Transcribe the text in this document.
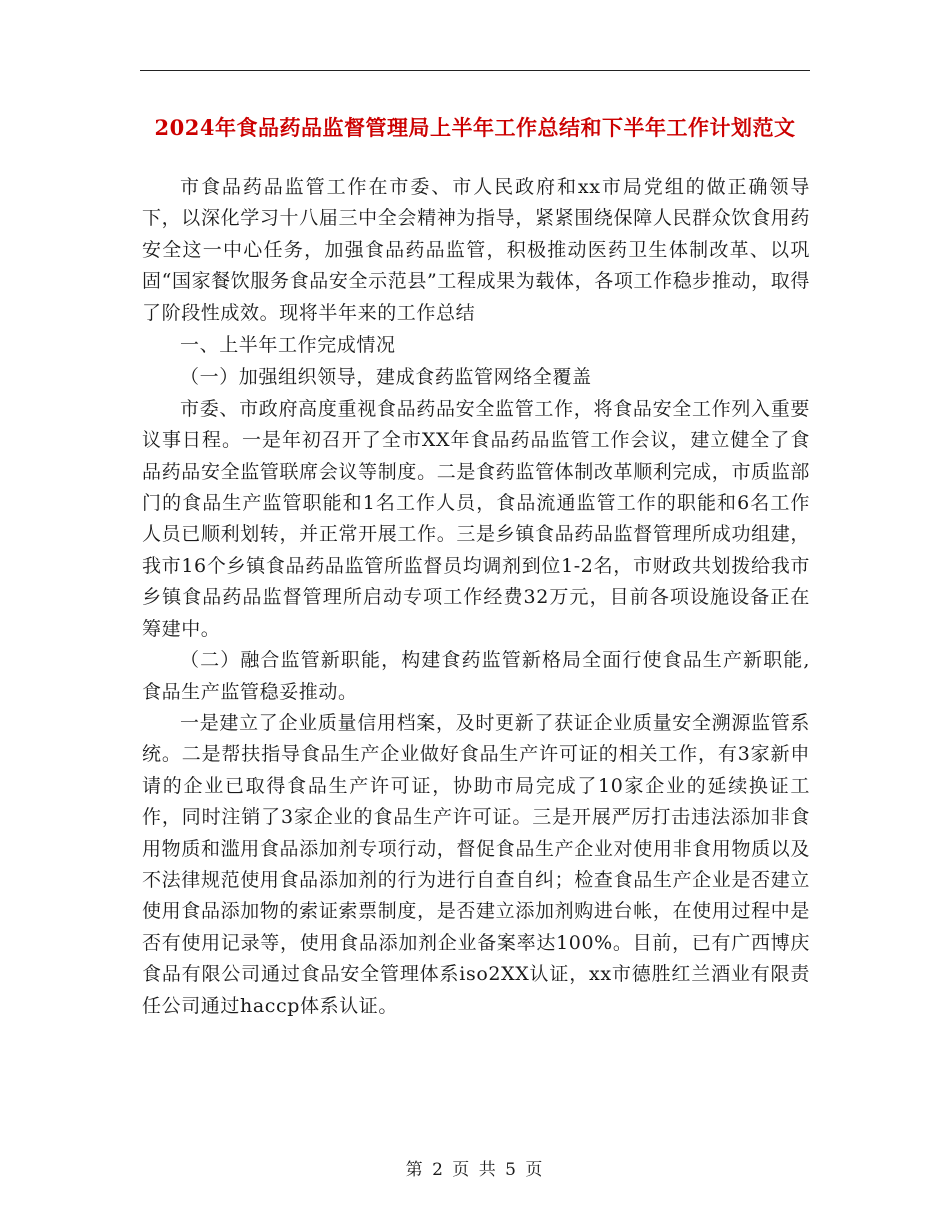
2024年食品药品监督管理局上半年工作总结和下半年工作计划范文

市食品药品监管工作在市委、市人民政府和xx市局党组的做正确领导下，以深化学习十八届三中全会精神为指导，紧紧围绕保障人民群众饮食用药安全这一中心任务，加强食品药品监管，积极推动医药卫生体制改革、以巩固“国家餐饮服务食品安全示范县”工程成果为载体，各项工作稳步推动，取得了阶段性成效。现将半年来的工作总结

一、上半年工作完成情况

（一）加强组织领导，建成食药监管网络全覆盖

市委、市政府高度重视食品药品安全监管工作，将食品安全工作列入重要议事日程。一是年初召开了全市XX年食品药品监管工作会议，建立健全了食品药品安全监管联席会议等制度。二是食药监管体制改革顺利完成，市质监部门的食品生产监管职能和1名工作人员，食品流通监管工作的职能和6名工作人员已顺利划转，并正常开展工作。三是乡镇食品药品监督管理所成功组建，我市16个乡镇食品药品监管所监督员均调剂到位1-2名，市财政共划拨给我市乡镇食品药品监督管理所启动专项工作经费32万元，目前各项设施设备正在筹建中。

（二）融合监管新职能，构建食药监管新格局全面行使食品生产新职能,食品生产监管稳妥推动。

一是建立了企业质量信用档案，及时更新了获证企业质量安全溯源监管系统。二是帮扶指导食品生产企业做好食品生产许可证的相关工作，有3家新申请的企业已取得食品生产许可证，协助市局完成了10家企业的延续换证工作，同时注销了3家企业的食品生产许可证。三是开展严厉打击违法添加非食用物质和滥用食品添加剂专项行动，督促食品生产企业对使用非食用物质以及不法律规范使用食品添加剂的行为进行自查自纠；检查食品生产企业是否建立使用食品添加物的索证索票制度，是否建立添加剂购进台帐，在使用过程中是否有使用记录等，使用食品添加剂企业备案率达100%。目前，已有广西博庆食品有限公司通过食品安全管理体系iso2XX认证，xx市德胜红兰酒业有限责任公司通过haccp体系认证。

第 2 页 共 5 页
